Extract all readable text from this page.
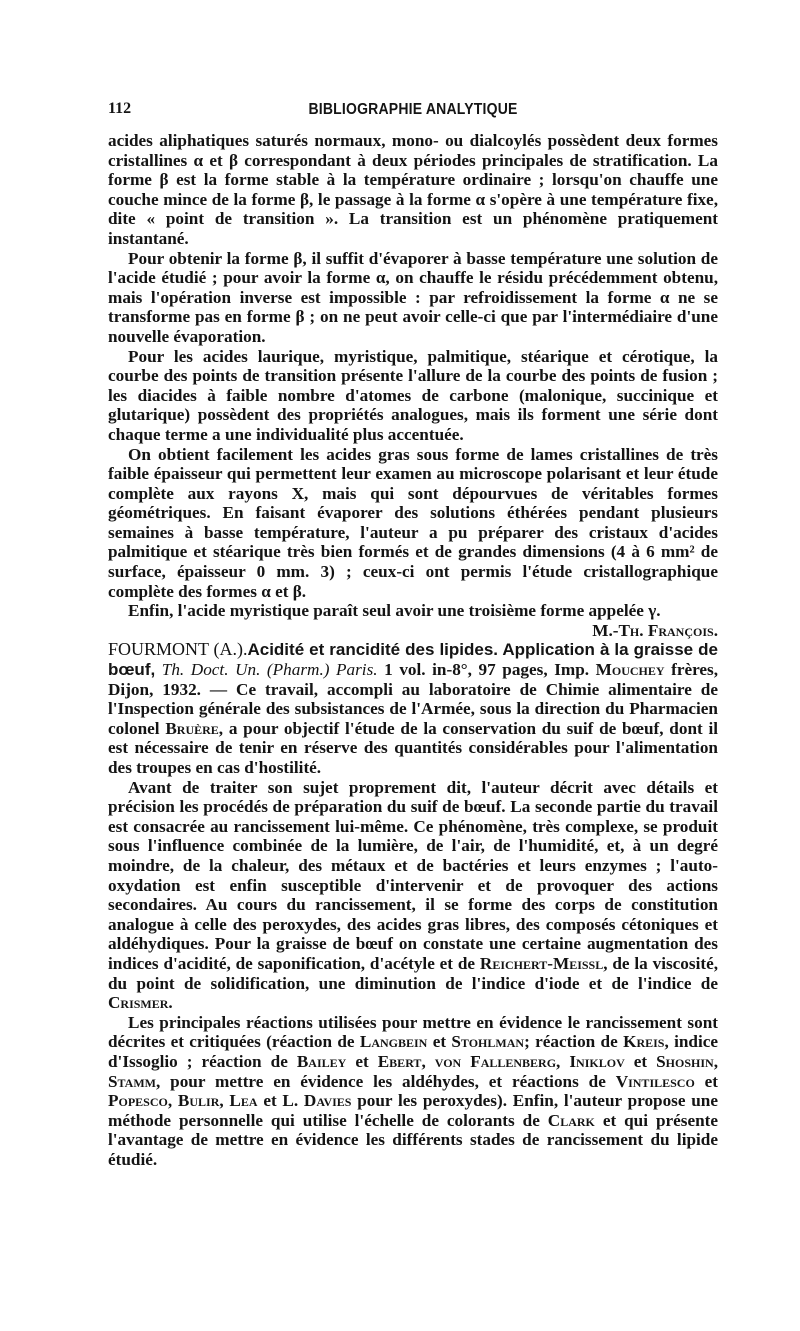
112	BIBLIOGRAPHIE ANALYTIQUE

acides aliphatiques saturés normaux, mono- ou dialcoylés possèdent deux formes cristallines α et β correspondant à deux périodes principales de stratification. La forme β est la forme stable à la température ordinaire ; lorsqu'on chauffe une couche mince de la forme β, le passage à la forme α s'opère à une température fixe, dite « point de transition ». La transition est un phénomène pratiquement instantané.

Pour obtenir la forme β, il suffit d'évaporer à basse température une solution de l'acide étudié ; pour avoir la forme α, on chauffe le résidu précédemment obtenu, mais l'opération inverse est impossible : par refroidissement la forme α ne se transforme pas en forme β ; on ne peut avoir celle-ci que par l'intermédiaire d'une nouvelle évaporation.

Pour les acides laurique, myristique, palmitique, stéarique et cérotique, la courbe des points de transition présente l'allure de la courbe des points de fusion ; les diacides à faible nombre d'atomes de carbone (malonique, succinique et glutarique) possèdent des propriétés analogues, mais ils forment une série dont chaque terme a une individualité plus accentuée.

On obtient facilement les acides gras sous forme de lames cristallines de très faible épaisseur qui permettent leur examen au microscope polarisant et leur étude complète aux rayons X, mais qui sont dépourvues de véritables formes géométriques. En faisant évaporer des solutions éthérées pendant plusieurs semaines à basse température, l'auteur a pu préparer des cristaux d'acides palmitique et stéarique très bien formés et de grandes dimensions (4 à 6 mm² de surface, épaisseur 0 mm. 3) ; ceux-ci ont permis l'étude cristallographique complète des formes α et β.

Enfin, l'acide myristique paraît seul avoir une troisième forme appelée γ.

M.-Th. François.

FOURMONT (A.).Acidité et rancidité des lipides. Application à la graisse de bœuf, Th. Doct. Un. (Pharm.) Paris. 1 vol. in-8°, 97 pages, Imp. Mouchey frères, Dijon, 1932. — Ce travail, accompli au laboratoire de Chimie alimentaire de l'Inspection générale des subsistances de l'Armée, sous la direction du Pharmacien colonel Bruère, a pour objectif l'étude de la conservation du suif de bœuf, dont il est nécessaire de tenir en réserve des quantités considérables pour l'alimentation des troupes en cas d'hostilité.

Avant de traiter son sujet proprement dit, l'auteur décrit avec détails et précision les procédés de préparation du suif de bœuf. La seconde partie du travail est consacrée au rancissement lui-même. Ce phénomène, très complexe, se produit sous l'influence combinée de la lumière, de l'air, de l'humidité, et, à un degré moindre, de la chaleur, des métaux et de bactéries et leurs enzymes ; l'auto-oxydation est enfin susceptible d'intervenir et de provoquer des actions secondaires. Au cours du rancissement, il se forme des corps de constitution analogue à celle des peroxydes, des acides gras libres, des composés cétoniques et aldéhydiques. Pour la graisse de bœuf on constate une certaine augmentation des indices d'acidité, de saponification, d'acétyle et de Reichert-Meissl, de la viscosité, du point de solidification, une diminution de l'indice d'iode et de l'indice de Crismer.

Les principales réactions utilisées pour mettre en évidence le rancissement sont décrites et critiquées (réaction de Langbein et Stohlman; réaction de Kreis, indice d'Issoglio ; réaction de Bailey et Ebert, von Fallenberg, Iniklov et Shoshin, Stamm, pour mettre en évidence les aldéhydes, et réactions de Vintilesco et Popesco, Bulir, Lea et L. Davies pour les peroxydes). Enfin, l'auteur propose une méthode personnelle qui utilise l'échelle de colorants de Clark et qui présente l'avantage de mettre en évidence les différents stades de rancissement du lipide étudié.
